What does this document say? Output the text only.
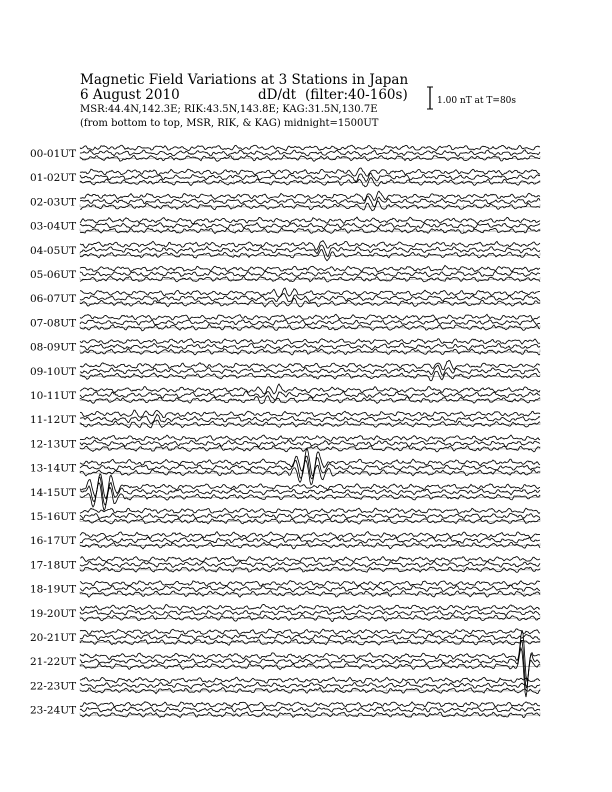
Magnetic Field Variations at 3 Stations in Japan
6 August 2010	dD/dt (filter:40-160s)
MSR:44.4N,142.3E; RIK:43.5N,143.8E; KAG:31.5N,130.7E
(from bottom to top, MSR, RIK, & KAG) midnight=1500UT
1.00 nT at T=80s
00-01UT
01-02UT
02-03UT
03-04UT
04-05UT
05-06UT
06-07UT
07-08UT
08-09UT
09-10UT
10-11UT
11-12UT
12-13UT
13-14UT
14-15UT
15-16UT
16-17UT
17-18UT
18-19UT
19-20UT
20-21UT
21-22UT
22-23UT
23-24UT
